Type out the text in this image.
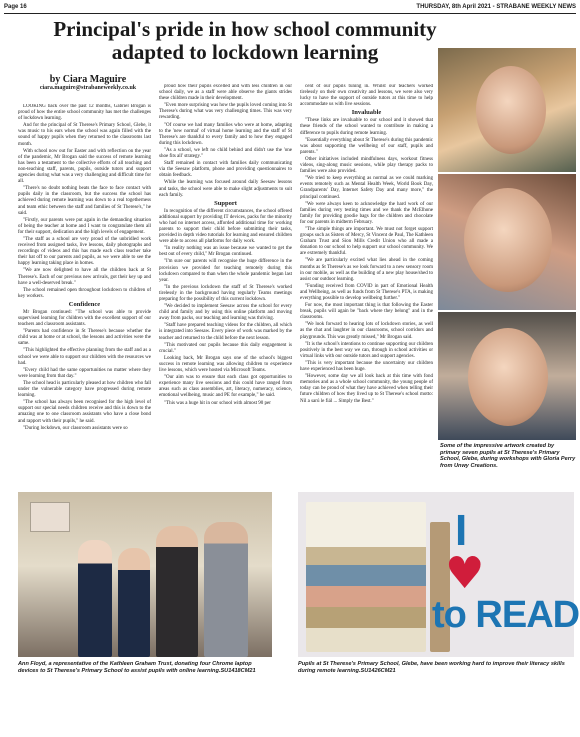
Page 16	THURSDAY, 8th April 2021 - STRABANE WEEKLY NEWS
Principal's pride in how school community adapted to lockdown learning
by Ciara Maguire
ciara.maguire@strabaneweekly.co.uk

LOOKING back over the past 12 months, Gabriel Brogan is proud of how the entire school community has met the challenges of lockdown learning.

And for the principal of St Therese's Primary School, Glebe, it was music to his ears when the school was again filled with the sound of happy pupils when they returned to the classrooms last month.

With school now out for Easter and with reflection on the year of the pandemic, Mr Brogan said the success of remote learning has been a testament to the collective efforts of all teaching and non-teaching staff, parents, pupils, outside tutors and support agencies during what was a very challenging and difficult time for all.

"There's no doubt nothing beats the face to face contact with pupils daily in the classroom, but the success the school has achieved during remote learning was down to a real togetherness and team ethic between the staff and families of St Therese's," he said.

"Firstly, our parents were put again in the demanding situation of being the teacher at home and I want to congratulate them all for their support, dedication and the high levels of engagement.

"The staff as a school are very proud of the unbridled work received from assigned tasks, live lessons, daily photographs and recordings of videos and this has made each class teacher take their hat off to our parents and pupils, as we were able to see the happy learning taking place in homes.

"We are now delighted to have all the children back at St Therese's. Each of our previous new arrivals, got their key up and have a well-deserved break."

The school remained open throughout lockdown to children of key workers.

Confidence

Mr Brogan continued: "The school was able to provide supervised learning for children with the excellent support of our teachers and classroom assistants.

"Parents had confidence in St Therese's because whether the child was at home or at school, the lessons and activities were the same.

"This highlighted the effective planning from the staff and as a school we were able to support our children with the resources we had.

"Every child had the same opportunities no matter where they were learning from that day."

The school head is particularly pleased at how children who fall under the vulnerable category have progressed during remote learning.

"The school has always been recognised for the high level of support our special needs children receive and this is down to the amazing one to one classroom assistants who have a close bond and rapport with their pupils," he said.

"During lockdown, our classroom assistants were so

proud how their pupils excelled and with less children in our school daily, we as a staff were able observe the giants strides these children made in their development.

"Even more surprising was how the pupils loved coming into St Therese's during what was very challenging times. This was very rewarding.

"Of course we had many families who were at home, adapting to the 'new normal' of virtual home learning and the staff of St Therese's are thankful to every family and to how they engaged during this lockdown.

"As a school, we left no child behind and didn't use the 'one shoe fits all' strategy."

Staff remained in contact with families daily communicating via the Seesaw platform, phone and providing questionnaires to obtain feedback.

While the learning was focused around daily Seesaw lessons and tasks, the school were able to make slight adjustments to suit each family.

Support

In recognition of the different circumstances, the school offered additional support by providing IT devices, packs for the minority who had no internet access, afforded additional time for working parents to support their child before submitting their tasks, provided in depth video tutorials for learning and ensured children were able to access all platforms for daily work.

"In reality nothing was an issue because we wanted to get the best out of every child," Mr Brogan continued.

"I'm sure our parents will recognise the huge difference in the provision we provided for teaching remotely during this lockdown compared to than when the whole pandemic began last year.

"In the previous lockdown the staff of St Therese's worked tirelessly in the background having regularly Teams meetings preparing for the possibility of this current lockdown.

"We decided to implement Seesaw across the school for every child and family and by using this online platform and moving away from packs, our teaching and learning was thriving.

"Staff have prepared teaching videos for the children, all which is integrated into Seesaw. Every piece of work was marked by the teacher and returned to the child before the next lesson.

"This motivated our pupils because this daily engagement is crucial."

Looking back, Mr Brogan says one of the school's biggest success in remote learning was allowing children to experience live lessons, which were hosted via Microsoft Teams.

"Our aim was to ensure that each class got opportunities to experience many live sessions and this could have ranged from areas such as class assemblies, art, literacy, numeracy, science, emotional wellbeing, music and PE for example," he said.

"This was a huge hit in our school with almost 90 per

cent of our pupils tuning in. Whilst our teachers worked tirelessly on their own creativity and lessons, we were also very lucky to have the support of outside tutors at this time to help accommodate us with live sessions.

Invaluable

"These links are invaluable to our school and it showed that these friends of the school wanted to contribute in making a difference to pupils during remote learning.

"Essentially everything about St Therese's during this pandemic was about supporting the wellbeing of our staff, pupils and parents."

Other initiatives included mindfulness days, workout fitness videos, sing-along music sessions, while play therapy packs to families were also provided.

"We tried to keep everything as normal as we could marking events remotely such as Mental Health Week, World Book Day, Grandparents' Day, Internet Safety Day and many more," the principal continued.

"We were always keen to acknowledge the hard work of our families during very testing times and we thank the McElhone family for providing goodie bags for the children and chocolate for our parents in midterm February.

"The simple things are important. We must not forget support groups such as Sisters of Mercy, St Vincent de Paul, The Kathleen Graham Trust and Sion Mills Credit Union who all made a donation to our school to help support our school community. We are extremely thankful.

"We are particularly excited what lies ahead in the coming months as St Therese's as we look forward to a new sensory room in our mobile, as well as the building of a new play house/shed to assist our outdoor learning.

"Funding received from COVID in part of Emotional Health and Wellbeing, as well as funds from St Therese's PTA, is making everything possible to develop wellbeing further."

For now, the most important thing is that following the Easter break, pupils will again be "back where they belong" and in the classrooms.

"We look forward to hearing lots of lockdown stories, as well as the chat and laughter in our classrooms, school corridors and playgrounds. This was greatly missed," Mr Brogan said.

"It is the school's intentions to continue supporting our children positively in the best way we can, through in school activities or virtual links with our outside tutors and support agencies.

"This is very important because the uncertainty our children have experienced has been huge.

"However, some day we all look back at this time with fond memories and as a whole school community, the young people of today can be proud of what they have achieved when telling their future children of how they lived up to St Therese's school motto: Nil a sarú le fiál ... Simply the Best."

Some of the impressive artwork created by primary seven pupils at St Therese's Primary School, Glebe, during workshops with Gloria Perry from Unwy Creations.
I
♥
to READ
Ann Floyd, a representative of the Kathleen Graham Trust, donating four Chrome laptop devices to St Therese's Primary School to assist pupils with online learning.SU1418CM21
Pupils at St Therese's Primary School, Glebe, have been working hard to improve their literacy skills during remote learning.SU1426CM21
